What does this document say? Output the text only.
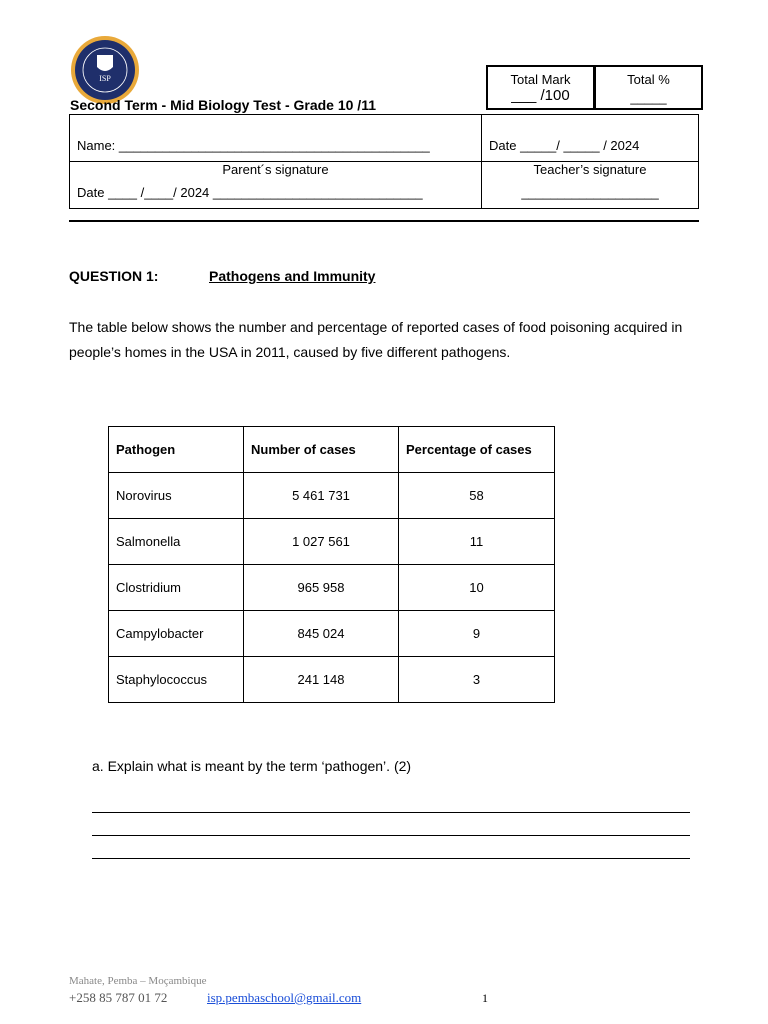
ISP
Second Term - Mid Biology Test - Grade 10 /11
Total Mark
___ /100
Total %
_____
Name: ___________________________________________	Date _____/ _____ / 2024

Parent´s signature
Date ____ /____/ 2024 _____________________________	Teacher’s signature
___________________
QUESTION 1:	Pathogens and Immunity
The table below shows the number and percentage of reported cases of food poisoning acquired in people’s homes in the USA in 2011, caused by five different pathogens.
Pathogen	Number of cases	Percentage of cases
Norovirus	5 461 731	58
Salmonella	1 027 561	11
Clostridium	965 958	10
Campylobacter	845 024	9
Staphylococcus	241 148	3
a. Explain what is meant by the term ‘pathogen’. (2)
Mahate, Pemba – Moçambique
+258 85 787 01 72	isp.pembaschool@gmail.com	1
